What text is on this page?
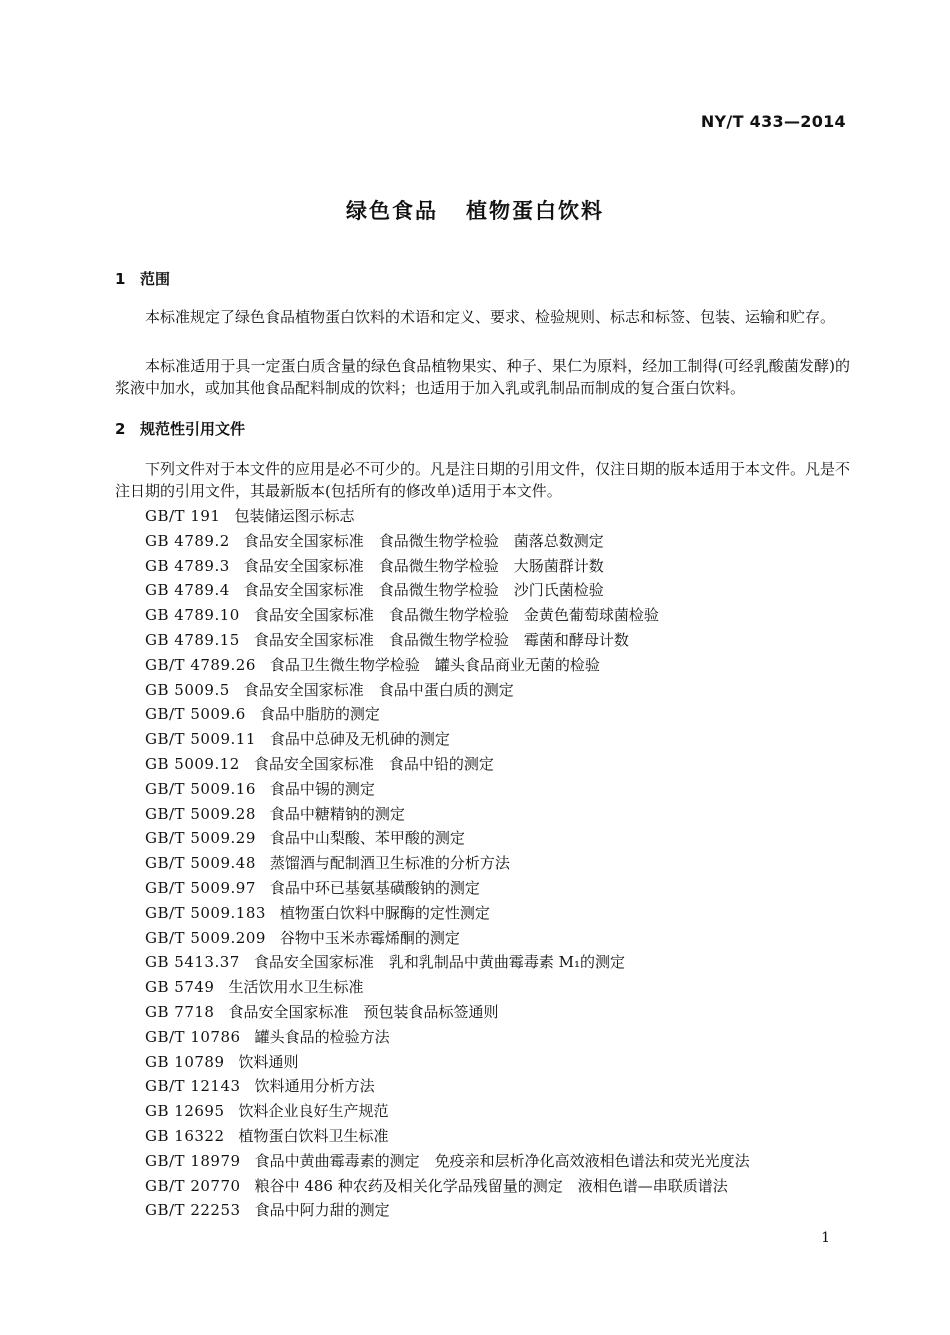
NY/T 433—2014
绿色食品 植物蛋白饮料
1 范围
本标准规定了绿色食品植物蛋白饮料的术语和定义、要求、检验规则、标志和标签、包装、运输和贮存。
本标准适用于具一定蛋白质含量的绿色食品植物果实、种子、果仁为原料，经加工制得(可经乳酸菌发酵)的浆液中加水，或加其他食品配料制成的饮料；也适用于加入乳或乳制品而制成的复合蛋白饮料。
2 规范性引用文件
下列文件对于本文件的应用是必不可少的。凡是注日期的引用文件，仅注日期的版本适用于本文件。凡是不注日期的引用文件，其最新版本(包括所有的修改单)适用于本文件。
GB/T 191 包装储运图示标志
GB 4789.2 食品安全国家标准　食品微生物学检验　菌落总数测定
GB 4789.3 食品安全国家标准　食品微生物学检验　大肠菌群计数
GB 4789.4 食品安全国家标准　食品微生物学检验　沙门氏菌检验
GB 4789.10 食品安全国家标准　食品微生物学检验　金黄色葡萄球菌检验
GB 4789.15 食品安全国家标准　食品微生物学检验　霉菌和酵母计数
GB/T 4789.26 食品卫生微生物学检验　罐头食品商业无菌的检验
GB 5009.5 食品安全国家标准　食品中蛋白质的测定
GB/T 5009.6 食品中脂肪的测定
GB/T 5009.11 食品中总砷及无机砷的测定
GB 5009.12 食品安全国家标准　食品中铅的测定
GB/T 5009.16 食品中锡的测定
GB/T 5009.28 食品中糖精钠的测定
GB/T 5009.29 食品中山梨酸、苯甲酸的测定
GB/T 5009.48 蒸馏酒与配制酒卫生标准的分析方法
GB/T 5009.97 食品中环已基氨基磺酸钠的测定
GB/T 5009.183 植物蛋白饮料中脲酶的定性测定
GB/T 5009.209 谷物中玉米赤霉烯酮的测定
GB 5413.37 食品安全国家标准　乳和乳制品中黄曲霉毒素 M₁的测定
GB 5749 生活饮用水卫生标准
GB 7718 食品安全国家标准　预包装食品标签通则
GB/T 10786 罐头食品的检验方法
GB 10789 饮料通则
GB/T 12143 饮料通用分析方法
GB 12695 饮料企业良好生产规范
GB 16322 植物蛋白饮料卫生标准
GB/T 18979 食品中黄曲霉毒素的测定　免疫亲和层析净化高效液相色谱法和荧光光度法
GB/T 20770 粮谷中 486 种农药及相关化学品残留量的测定　液相色谱—串联质谱法
GB/T 22253 食品中阿力甜的测定
1
